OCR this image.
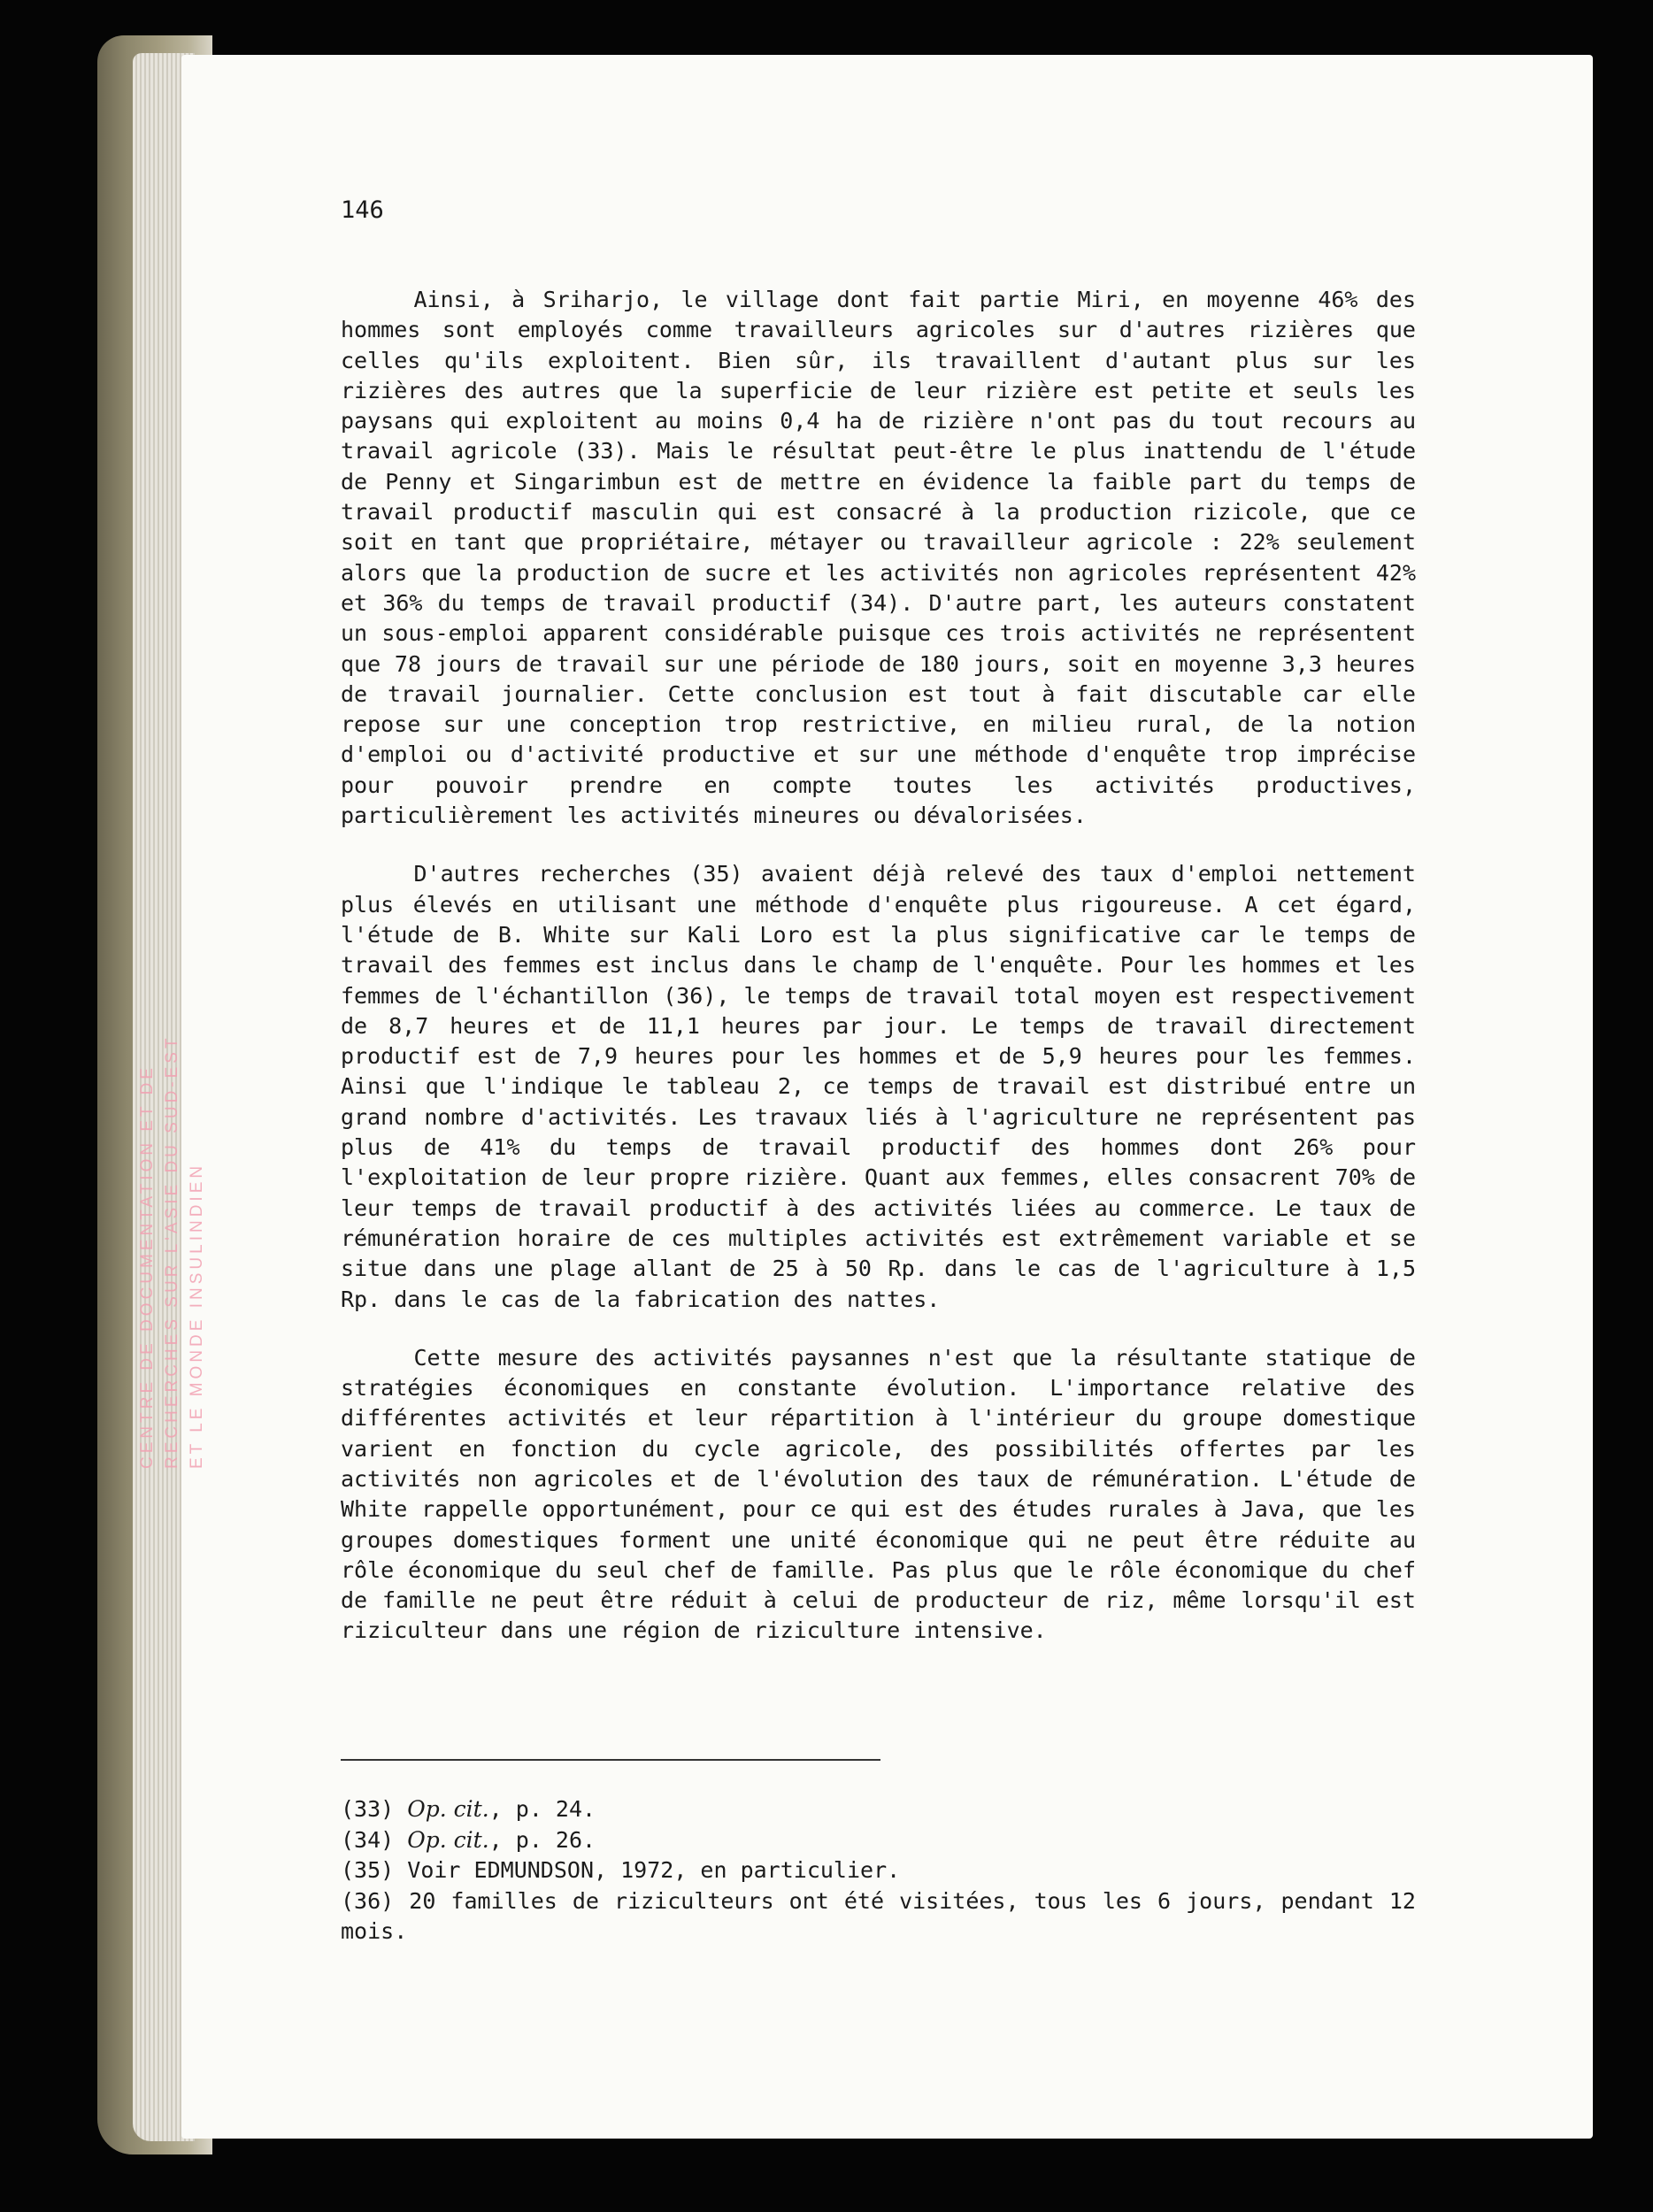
CENTRE DE DOCUMENTATION ET DE RECHERCHES SUR L'ASIE DU SUD-EST ET LE MONDE INSULINDIEN

146

Ainsi, à Sriharjo, le village dont fait partie Miri, en moyenne 46% des hommes sont employés comme travailleurs agricoles sur d'autres rizières que celles qu'ils exploitent. Bien sûr, ils travaillent d'autant plus sur les rizières des autres que la superficie de leur rizière est petite et seuls les paysans qui exploitent au moins 0,4 ha de rizière n'ont pas du tout recours au travail agricole (33). Mais le résultat peut-être le plus inattendu de l'étude de Penny et Singarimbun est de mettre en évidence la faible part du temps de travail productif masculin qui est consacré à la production rizicole, que ce soit en tant que propriétaire, métayer ou travailleur agricole : 22% seulement alors que la production de sucre et les activités non agricoles représentent 42% et 36% du temps de travail productif (34). D'autre part, les auteurs constatent un sous-emploi apparent considérable puisque ces trois activités ne représentent que 78 jours de travail sur une période de 180 jours, soit en moyenne 3,3 heures de travail journalier. Cette conclusion est tout à fait discutable car elle repose sur une conception trop restrictive, en milieu rural, de la notion d'emploi ou d'activité productive et sur une méthode d'enquête trop imprécise pour pouvoir prendre en compte toutes les activités productives, particulièrement les activités mineures ou dévalorisées.

D'autres recherches (35) avaient déjà relevé des taux d'emploi nettement plus élevés en utilisant une méthode d'enquête plus rigoureuse. A cet égard, l'étude de B. White sur Kali Loro est la plus significative car le temps de travail des femmes est inclus dans le champ de l'enquête. Pour les hommes et les femmes de l'échantillon (36), le temps de travail total moyen est respectivement de 8,7 heures et de 11,1 heures par jour. Le temps de travail directement productif est de 7,9 heures pour les hommes et de 5,9 heures pour les femmes. Ainsi que l'indique le tableau 2, ce temps de travail est distribué entre un grand nombre d'activités. Les travaux liés à l'agriculture ne représentent pas plus de 41% du temps de travail productif des hommes dont 26% pour l'exploitation de leur propre rizière. Quant aux femmes, elles consacrent 70% de leur temps de travail productif à des activités liées au commerce. Le taux de rémunération horaire de ces multiples activités est extrêmement variable et se situe dans une plage allant de 25 à 50 Rp. dans le cas de l'agriculture à 1,5 Rp. dans le cas de la fabrication des nattes.

Cette mesure des activités paysannes n'est que la résultante statique de stratégies économiques en constante évolution. L'importance relative des différentes activités et leur répartition à l'intérieur du groupe domestique varient en fonction du cycle agricole, des possibilités offertes par les activités non agricoles et de l'évolution des taux de rémunération. L'étude de White rappelle opportunément, pour ce qui est des études rurales à Java, que les groupes domestiques forment une unité économique qui ne peut être réduite au rôle économique du seul chef de famille. Pas plus que le rôle économique du chef de famille ne peut être réduit à celui de producteur de riz, même lorsqu'il est riziculteur dans une région de riziculture intensive.

(33) Op. cit., p. 24.
(34) Op. cit., p. 26.
(35) Voir EDMUNDSON, 1972, en particulier.
(36) 20 familles de riziculteurs ont été visitées, tous les 6 jours, pendant 12 mois.
